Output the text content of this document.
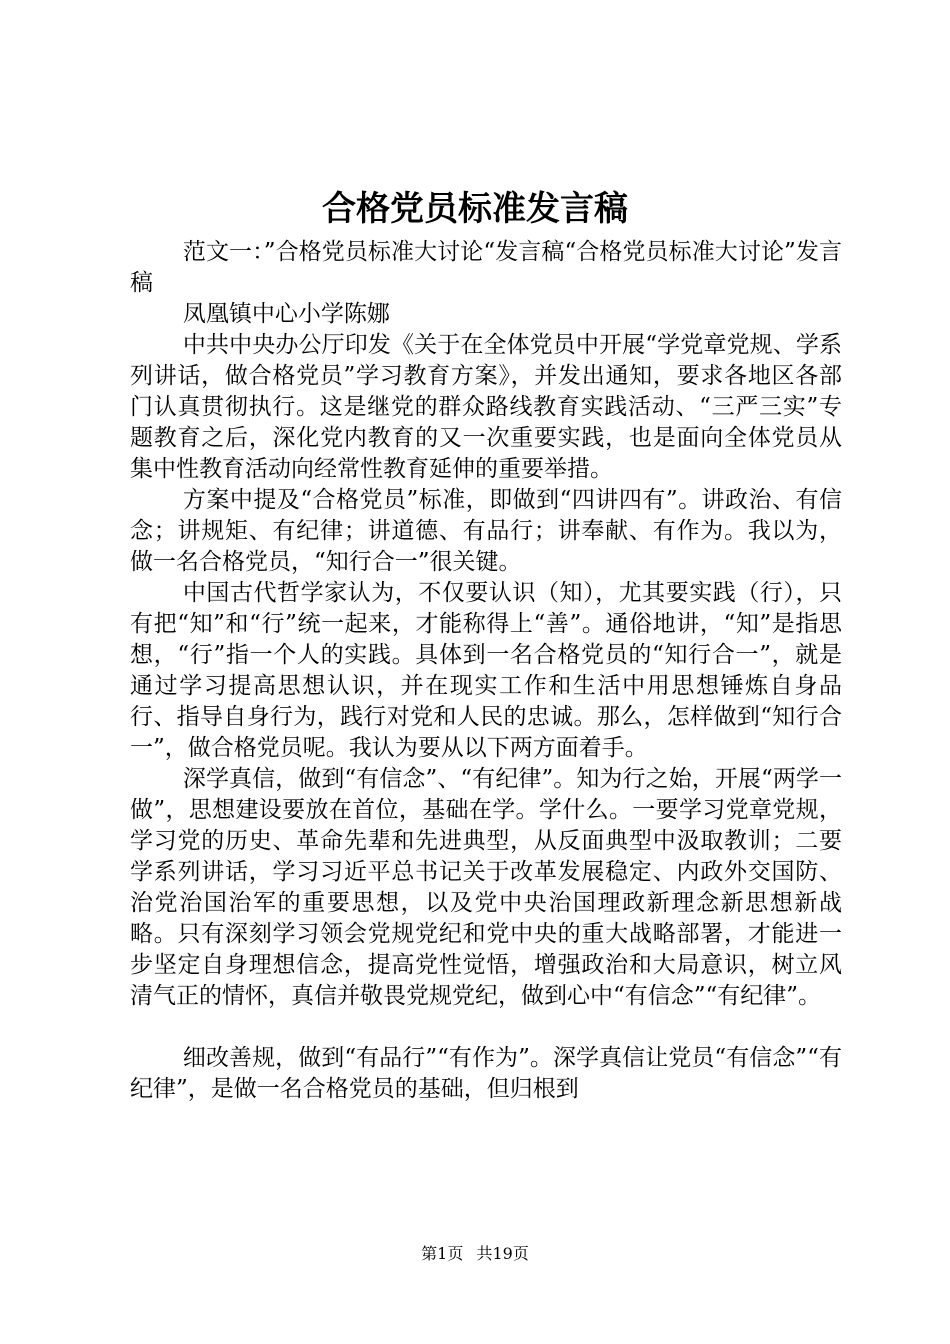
合格党员标准发言稿

范文一：”合格党员标准大讨论“发言稿“合格党员标准大讨论”发言稿

凤凰镇中心小学陈娜

中共中央办公厅印发《关于在全体党员中开展“学党章党规、学系列讲话，做合格党员”学习教育方案》，并发出通知，要求各地区各部门认真贯彻执行。这是继党的群众路线教育实践活动、“三严三实”专题教育之后，深化党内教育的又一次重要实践，也是面向全体党员从集中性教育活动向经常性教育延伸的重要举措。

方案中提及“合格党员”标准，即做到“四讲四有”。讲政治、有信念；讲规矩、有纪律；讲道德、有品行；讲奉献、有作为。我以为，做一名合格党员，“知行合一”很关键。

中国古代哲学家认为，不仅要认识（知），尤其要实践（行），只有把“知”和“行”统一起来，才能称得上“善”。通俗地讲，“知”是指思想，“行”指一个人的实践。具体到一名合格党员的“知行合一”，就是通过学习提高思想认识，并在现实工作和生活中用思想锤炼自身品行、指导自身行为，践行对党和人民的忠诚。那么，怎样做到“知行合一”，做合格党员呢。我认为要从以下两方面着手。

深学真信，做到“有信念”、“有纪律”。知为行之始，开展“两学一做”，思想建设要放在首位，基础在学。学什么。一要学习党章党规，学习党的历史、革命先辈和先进典型，从反面典型中汲取教训；二要学系列讲话，学习习近平总书记关于改革发展稳定、内政外交国防、治党治国治军的重要思想，以及党中央治国理政新理念新思想新战略。只有深刻学习领会党规党纪和党中央的重大战略部署，才能进一步坚定自身理想信念，提高党性觉悟，增强政治和大局意识，树立风清气正的情怀，真信并敬畏党规党纪，做到心中“有信念”“有纪律”。

细改善规，做到“有品行”“有作为”。深学真信让党员“有信念”“有纪律”，是做一名合格党员的基础，但归根到

第1页 共19页
